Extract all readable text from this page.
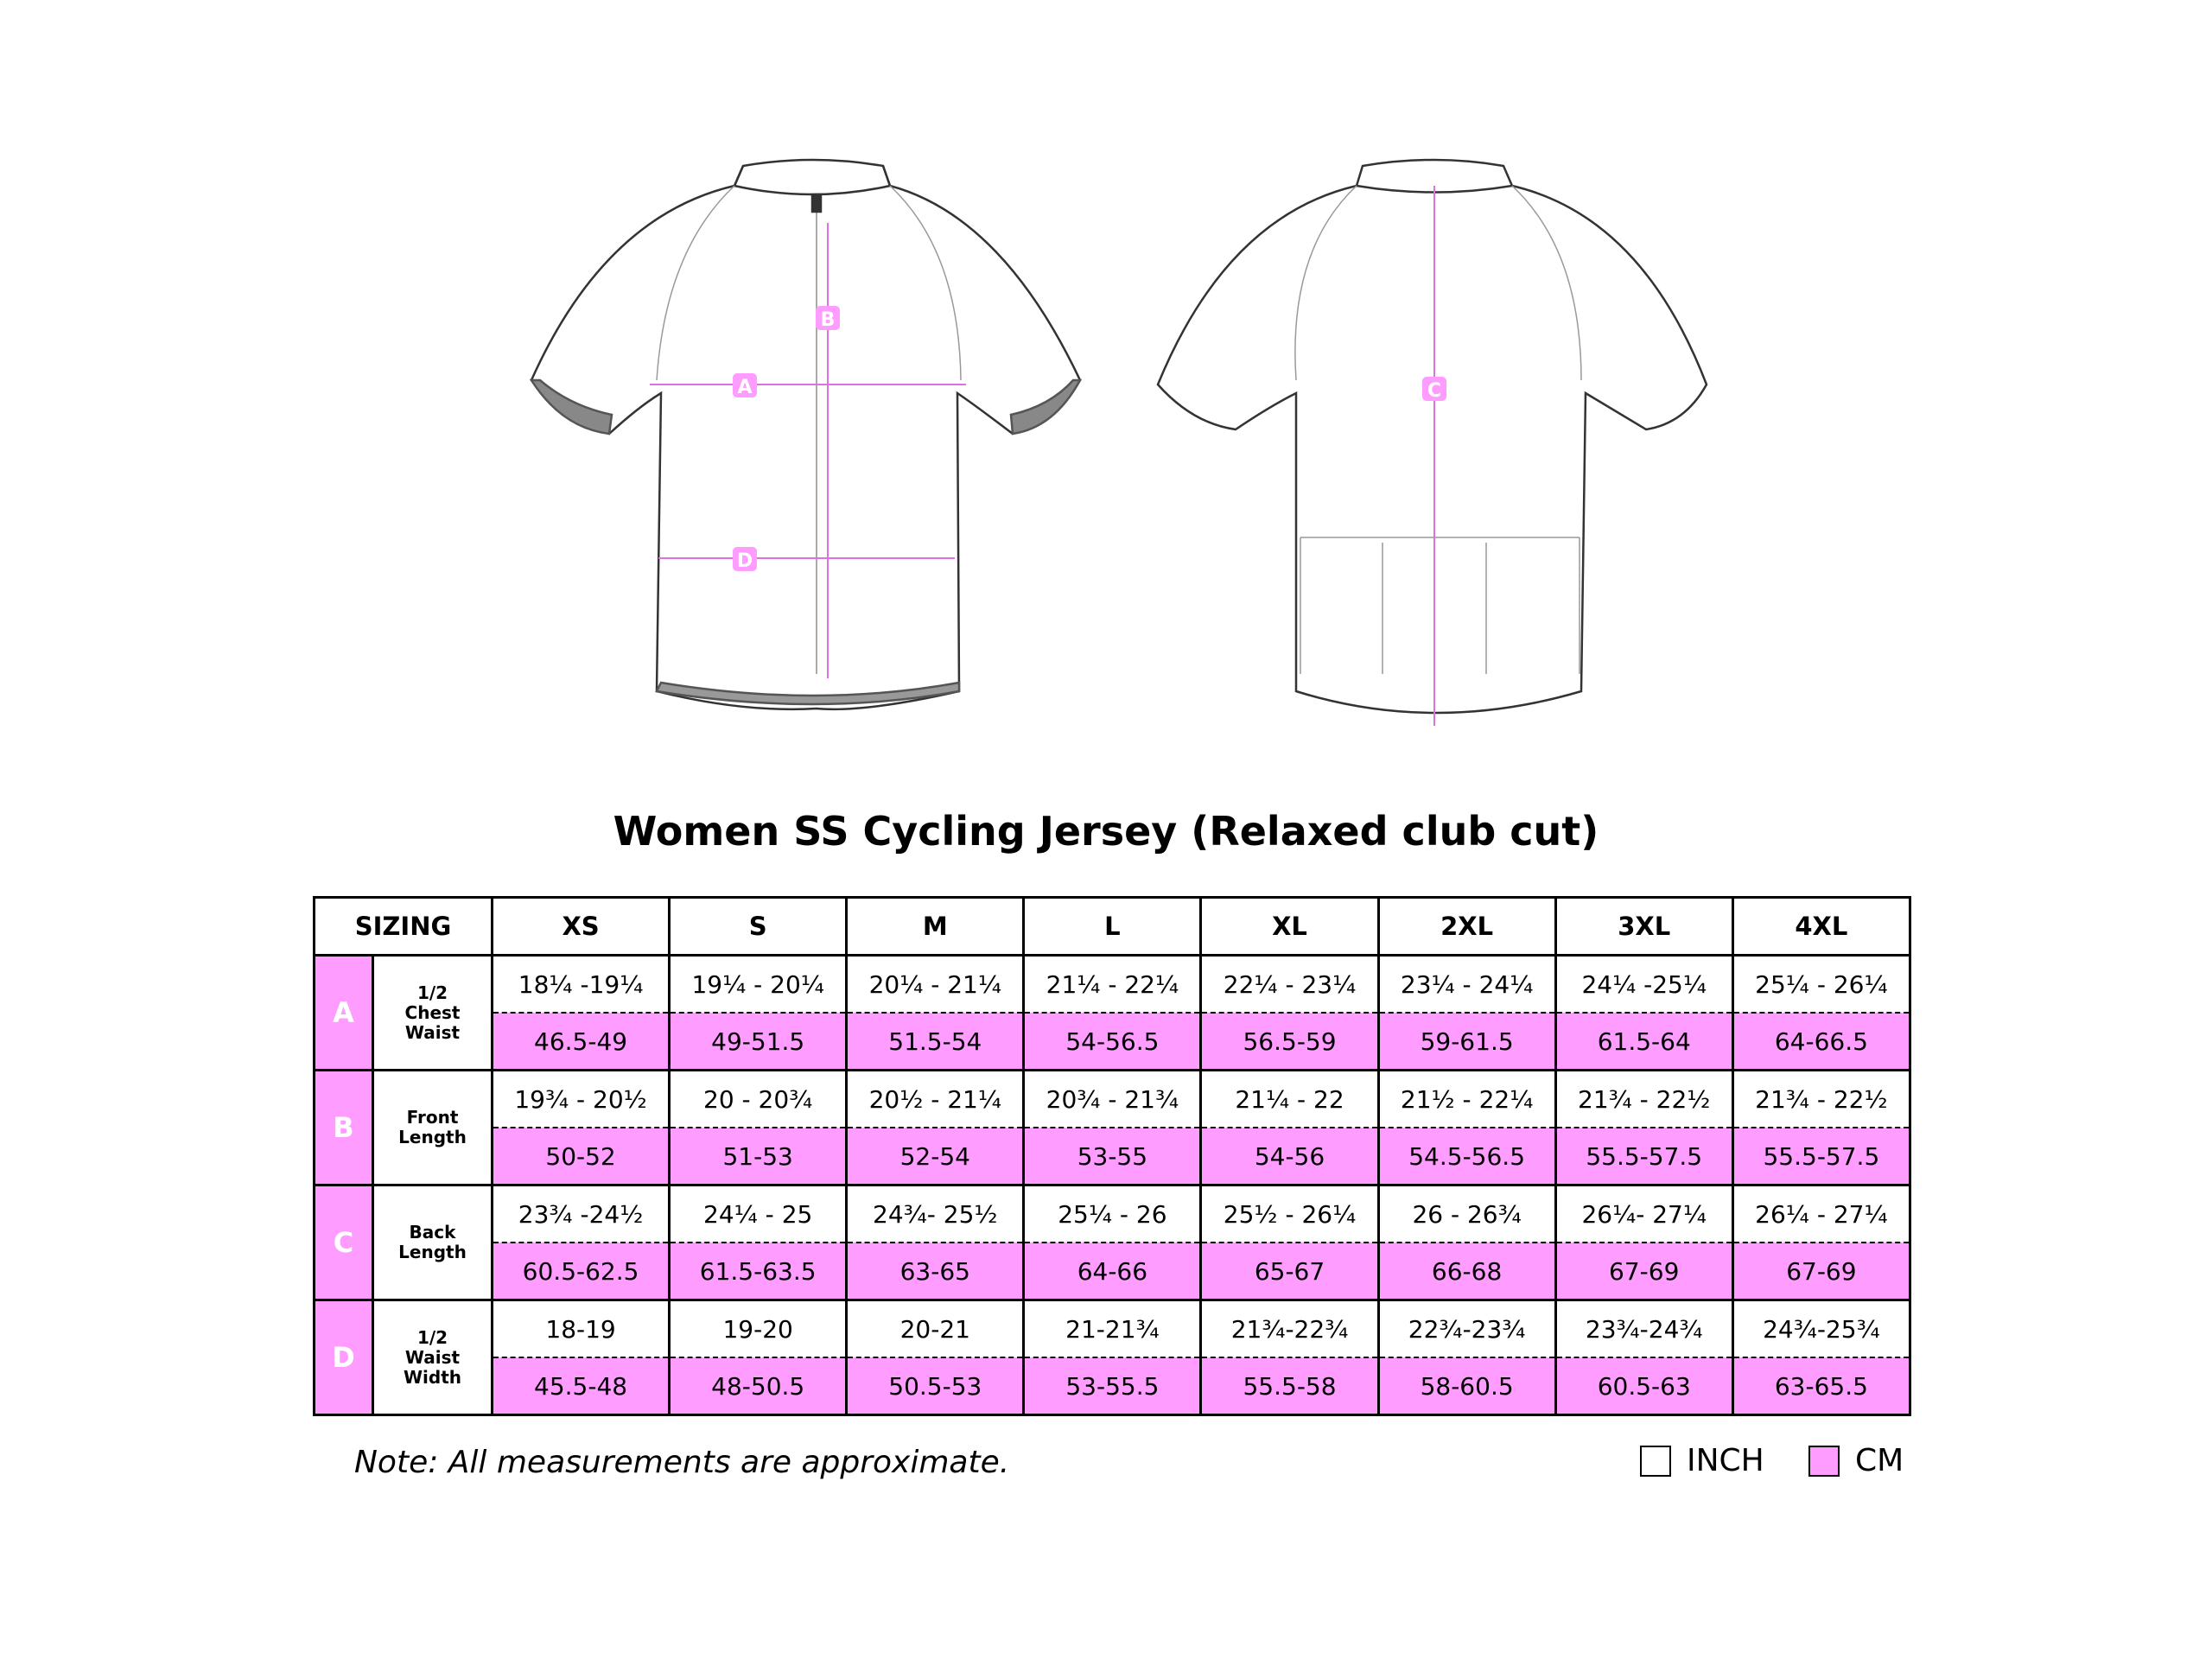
A
B
D
C
Women SS Cycling Jersey (Relaxed club cut)
SIZING		XS	S	M	L	XL	2XL	3XL	4XL
A	1/2
Chest
Waist	18¼ -19¼	19¼ - 20¼	20¼ - 21¼	21¼ - 22¼	22¼ - 23¼	23¼ - 24¼	24¼ -25¼	25¼ - 26¼
		46.5-49	49-51.5	51.5-54	54-56.5	56.5-59	59-61.5	61.5-64	64-66.5
B	Front
Length	19¾ - 20½	20 - 20¾	20½ - 21¼	20¾ - 21¾	21¼ - 22	21½ - 22¼	21¾ - 22½	21¾ - 22½
		50-52	51-53	52-54	53-55	54-56	54.5-56.5	55.5-57.5	55.5-57.5
C	Back
Length	23¾ -24½	24¼ - 25	24¾- 25½	25¼ - 26	25½ - 26¼	26 - 26¾	26¼- 27¼	26¼ - 27¼
		60.5-62.5	61.5-63.5	63-65	64-66	65-67	66-68	67-69	67-69
D	1/2
Waist
Width	18-19	19-20	20-21	21-21¾	21¾-22¾	22¾-23¾	23¾-24¾	24¾-25¾
		45.5-48	48-50.5	50.5-53	53-55.5	55.5-58	58-60.5	60.5-63	63-65.5
Note: All measurements are approximate.	INCH	CM
